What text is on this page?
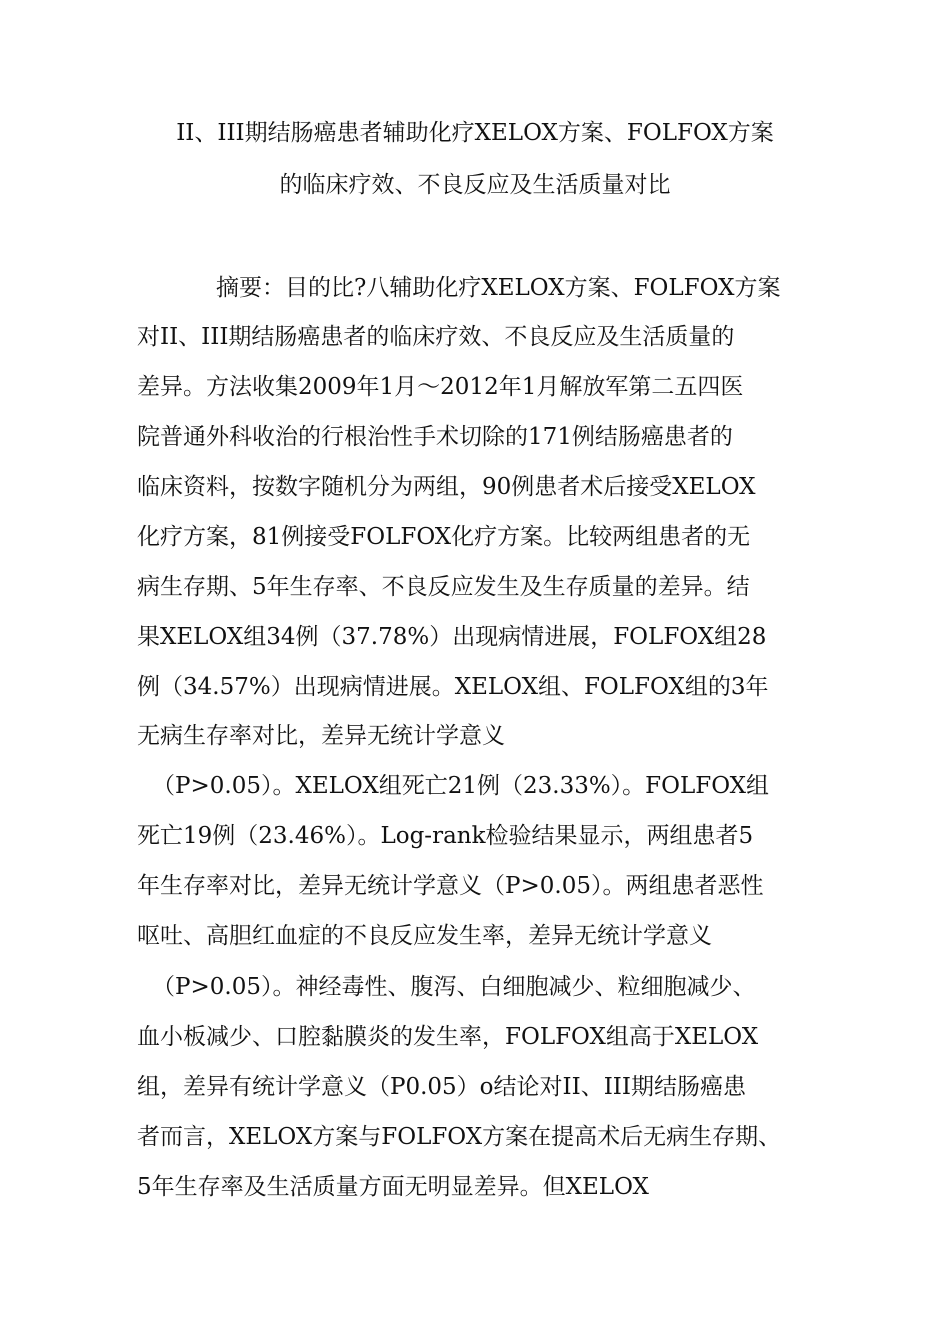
II、III期结肠癌患者辅助化疗XELOX方案、FOLFOX方案
的临床疗效、不良反应及生活质量对比
摘要：目的比?八辅助化疗XELOX方案、FOLFOX方案
对II、III期结肠癌患者的临床疗效、不良反应及生活质量的
差异。方法收集2009年1月〜2012年1月解放军第二五四医
院普通外科收治的行根治性手术切除的171例结肠癌患者的
临床资料，按数字随机分为两组，90例患者术后接受XELOX
化疗方案，81例接受FOLFOX化疗方案。比较两组患者的无
病生存期、5年生存率、不良反应发生及生存质量的差异。结
果XELOX组34例（37.78%）出现病情进展，FOLFOX组28
例（34.57%）出现病情进展。XELOX组、FOLFOX组的3年
无病生存率对比，差异无统计学意义
（P>0.05）。XELOX组死亡21例（23.33%）。FOLFOX组
死亡19例（23.46%）。Log-rank检验结果显示，两组患者5
年生存率对比，差异无统计学意义（P>0.05）。两组患者恶性
呕吐、高胆红血症的不良反应发生率，差异无统计学意义
（P>0.05）。神经毒性、腹泻、白细胞减少、粒细胞减少、
血小板减少、口腔黏膜炎的发生率，FOLFOX组高于XELOX
组，差异有统计学意义（P0.05）o结论对II、III期结肠癌患
者而言，XELOX方案与FOLFOX方案在提高术后无病生存期、
5年生存率及生活质量方面无明显差异。但XELOX
